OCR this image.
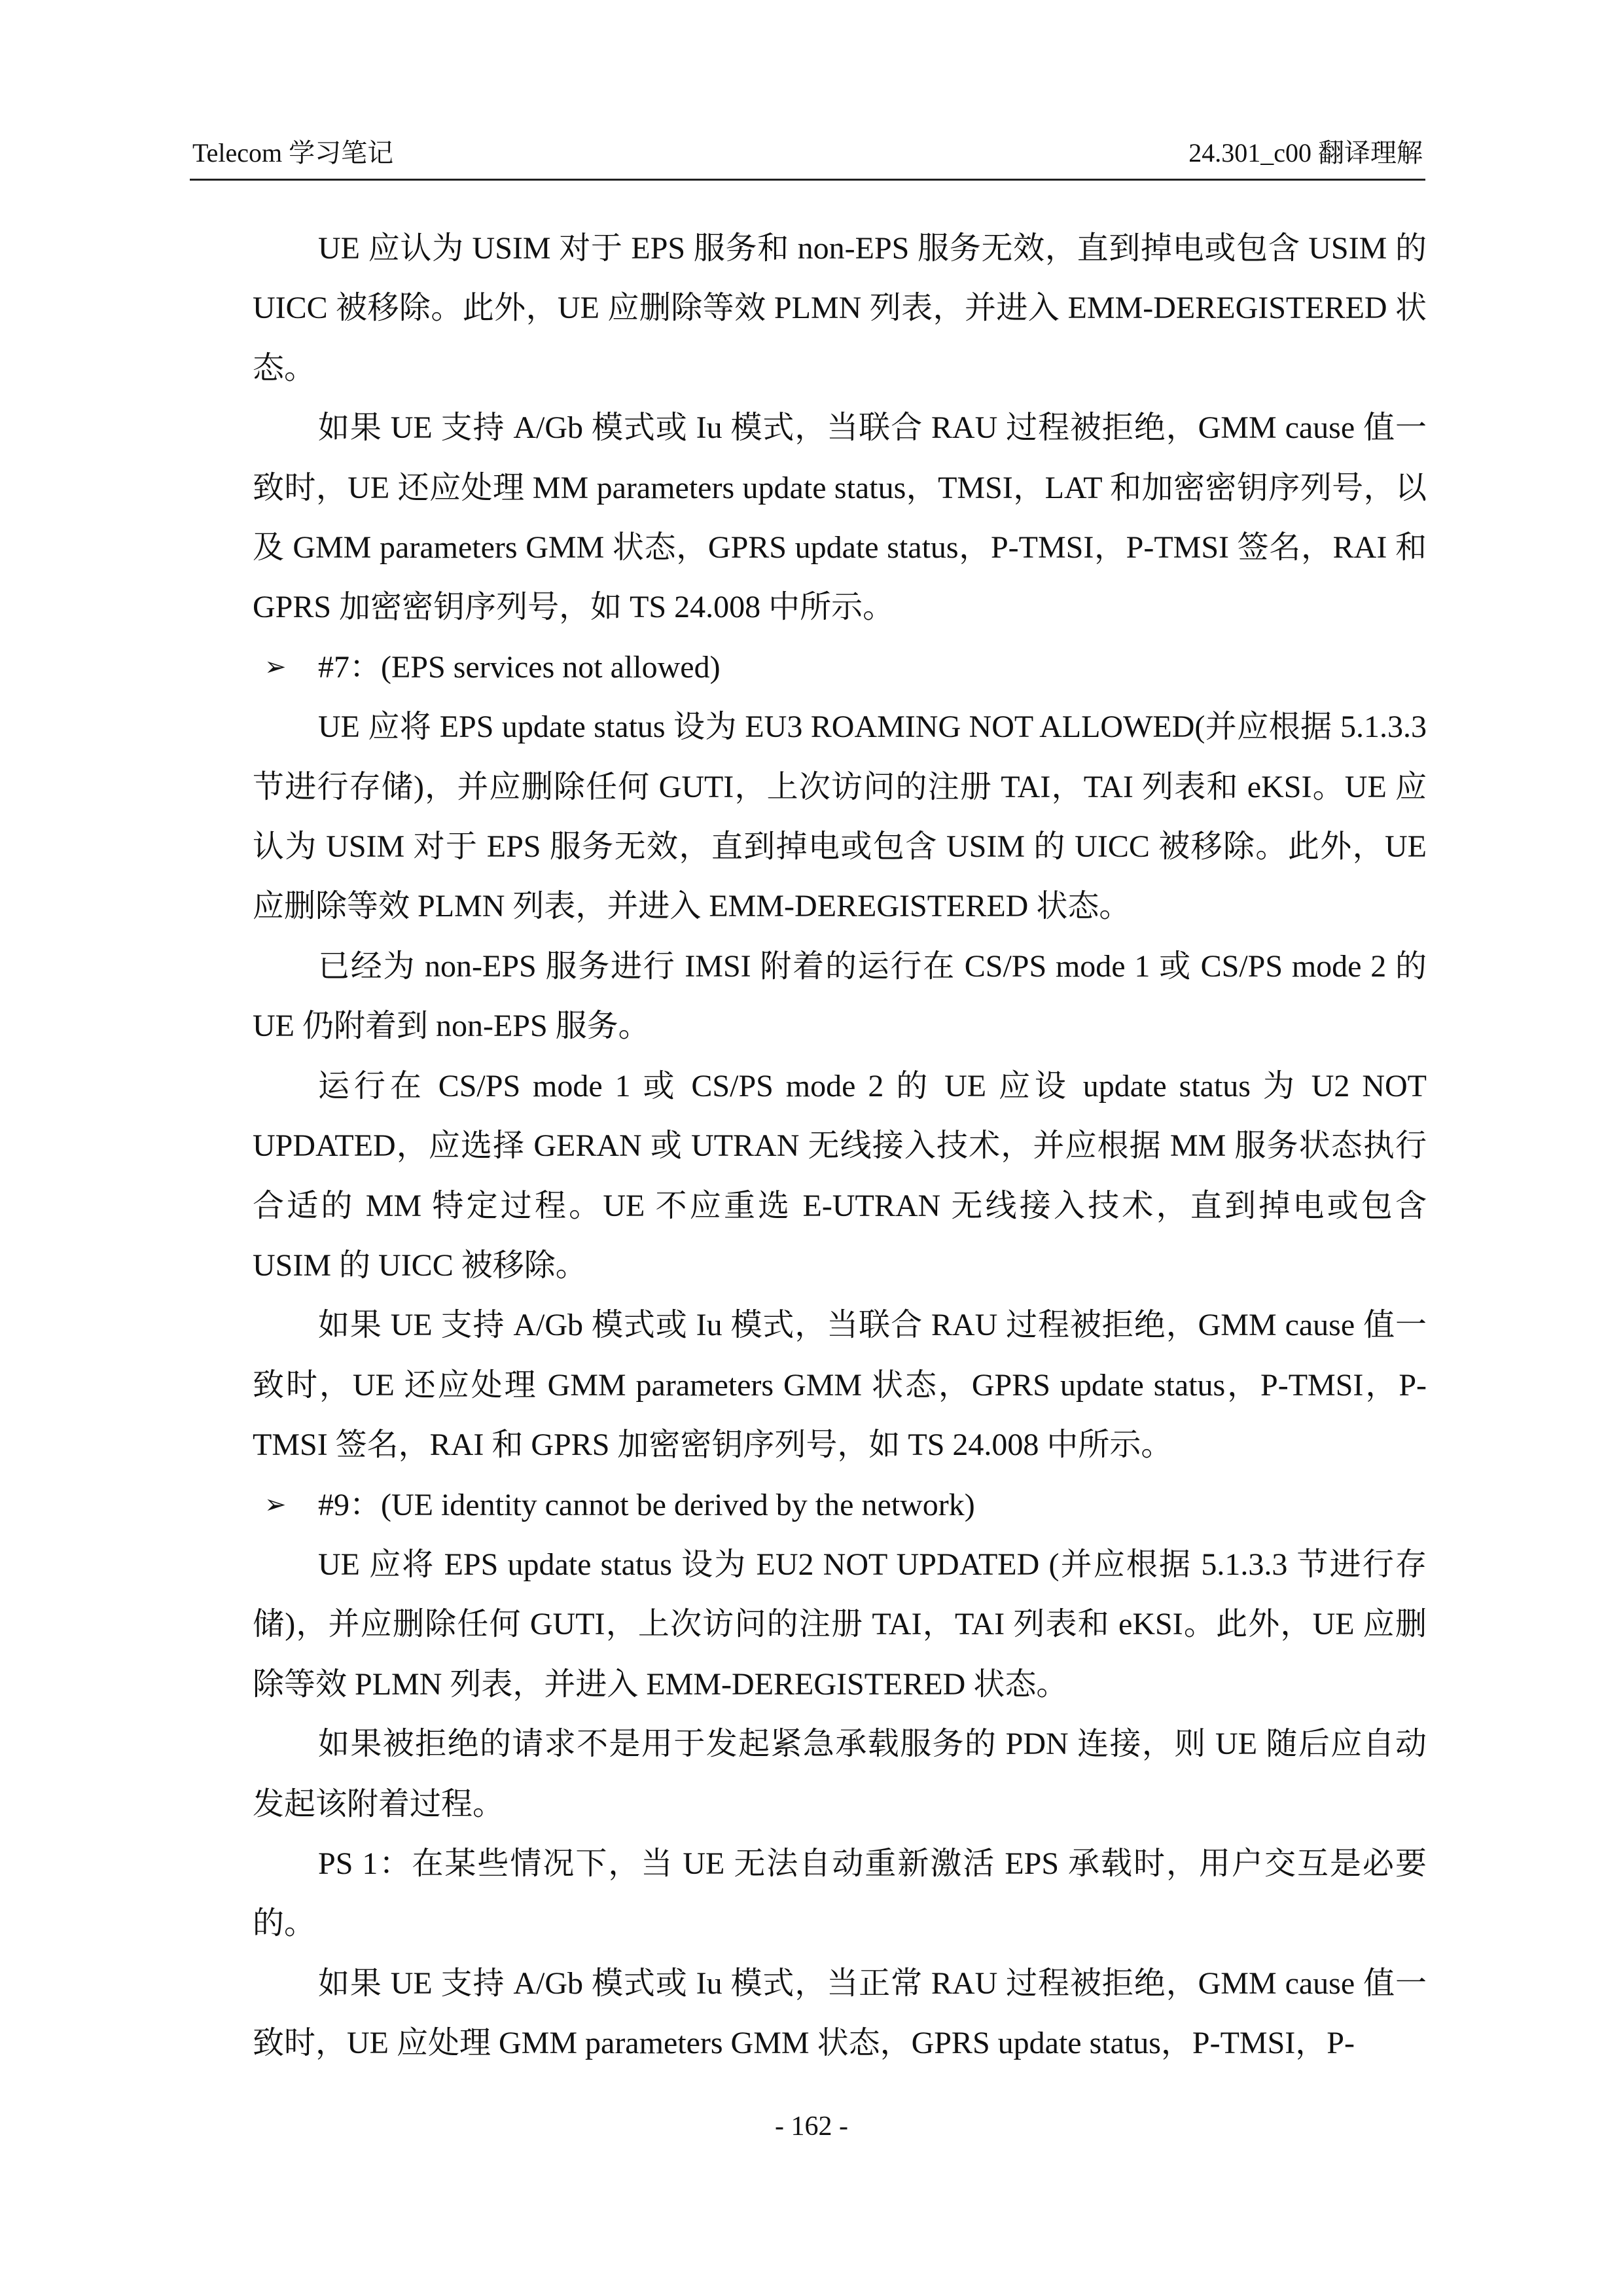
Telecom 学习笔记	24.301_c00 翻译理解

UE 应认为 USIM 对于 EPS 服务和 non-EPS 服务无效，直到掉电或包含 USIM 的 UICC 被移除。此外，UE 应删除等效 PLMN 列表，并进入 EMM-DEREGISTERED 状态。

如果 UE 支持 A/Gb 模式或 Iu 模式，当联合 RAU 过程被拒绝，GMM cause 值一致时，UE 还应处理 MM parameters update status，TMSI，LAT 和加密密钥序列号，以及 GMM parameters GMM 状态，GPRS update status，P-TMSI，P-TMSI 签名，RAI 和 GPRS 加密密钥序列号，如 TS 24.008 中所示。

➢ #7：(EPS services not allowed)

UE 应将 EPS update status 设为 EU3 ROAMING NOT ALLOWED(并应根据 5.1.3.3 节进行存储)，并应删除任何 GUTI，上次访问的注册 TAI，TAI 列表和 eKSI。UE 应认为 USIM 对于 EPS 服务无效，直到掉电或包含 USIM 的 UICC 被移除。此外，UE 应删除等效 PLMN 列表，并进入 EMM-DEREGISTERED 状态。

已经为 non-EPS 服务进行 IMSI 附着的运行在 CS/PS mode 1 或 CS/PS mode 2 的 UE 仍附着到 non-EPS 服务。

运行在 CS/PS mode 1 或 CS/PS mode 2 的 UE 应设 update status 为 U2 NOT UPDATED，应选择 GERAN 或 UTRAN 无线接入技术，并应根据 MM 服务状态执行合适的 MM 特定过程。UE 不应重选 E-UTRAN 无线接入技术，直到掉电或包含 USIM 的 UICC 被移除。

如果 UE 支持 A/Gb 模式或 Iu 模式，当联合 RAU 过程被拒绝，GMM cause 值一致时，UE 还应处理 GMM parameters GMM 状态，GPRS update status，P-TMSI，P-TMSI 签名，RAI 和 GPRS 加密密钥序列号，如 TS 24.008 中所示。

➢ #9：(UE identity cannot be derived by the network)

UE 应将 EPS update status 设为 EU2 NOT UPDATED (并应根据 5.1.3.3 节进行存储)，并应删除任何 GUTI，上次访问的注册 TAI，TAI 列表和 eKSI。此外，UE 应删除等效 PLMN 列表，并进入 EMM-DEREGISTERED 状态。

如果被拒绝的请求不是用于发起紧急承载服务的 PDN 连接，则 UE 随后应自动发起该附着过程。

PS 1：在某些情况下，当 UE 无法自动重新激活 EPS 承载时，用户交互是必要的。

如果 UE 支持 A/Gb 模式或 Iu 模式，当正常 RAU 过程被拒绝，GMM cause 值一致时，UE 应处理 GMM parameters GMM 状态，GPRS update status，P-TMSI，P-

- 162 -
